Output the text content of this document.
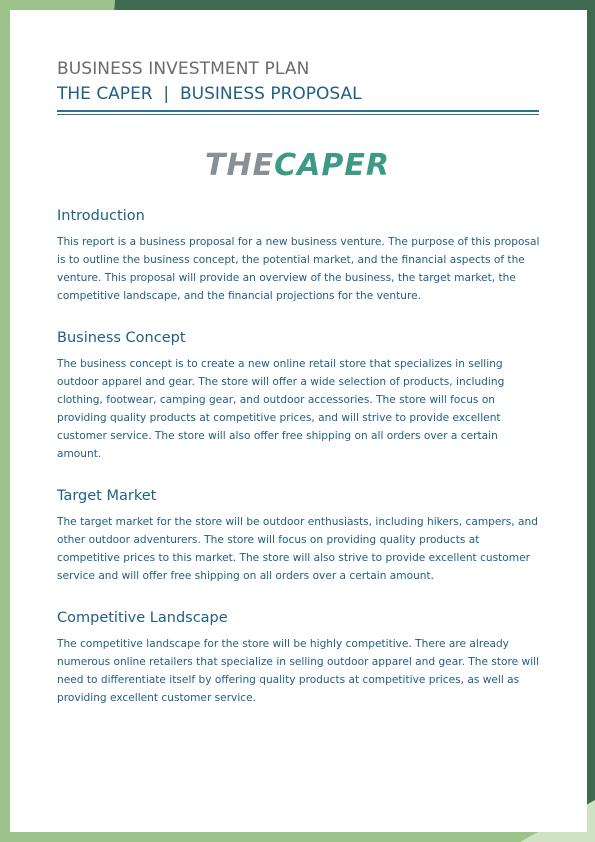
BUSINESS INVESTMENT PLAN
THE CAPER  |  BUSINESS PROPOSAL
THECAPER
Introduction

This report is a business proposal for a new business venture. The purpose of this proposal is to outline the business concept, the potential market, and the financial aspects of the venture. This proposal will provide an overview of the business, the target market, the competitive landscape, and the financial projections for the venture.

Business Concept

The business concept is to create a new online retail store that specializes in selling outdoor apparel and gear. The store will offer a wide selection of products, including clothing, footwear, camping gear, and outdoor accessories. The store will focus on providing quality products at competitive prices, and will strive to provide excellent customer service. The store will also offer free shipping on all orders over a certain amount.

Target Market

The target market for the store will be outdoor enthusiasts, including hikers, campers, and other outdoor adventurers. The store will focus on providing quality products at competitive prices to this market. The store will also strive to provide excellent customer service and will offer free shipping on all orders over a certain amount.

Competitive Landscape

The competitive landscape for the store will be highly competitive. There are already numerous online retailers that specialize in selling outdoor apparel and gear. The store will need to differentiate itself by offering quality products at competitive prices, as well as providing excellent customer service.
